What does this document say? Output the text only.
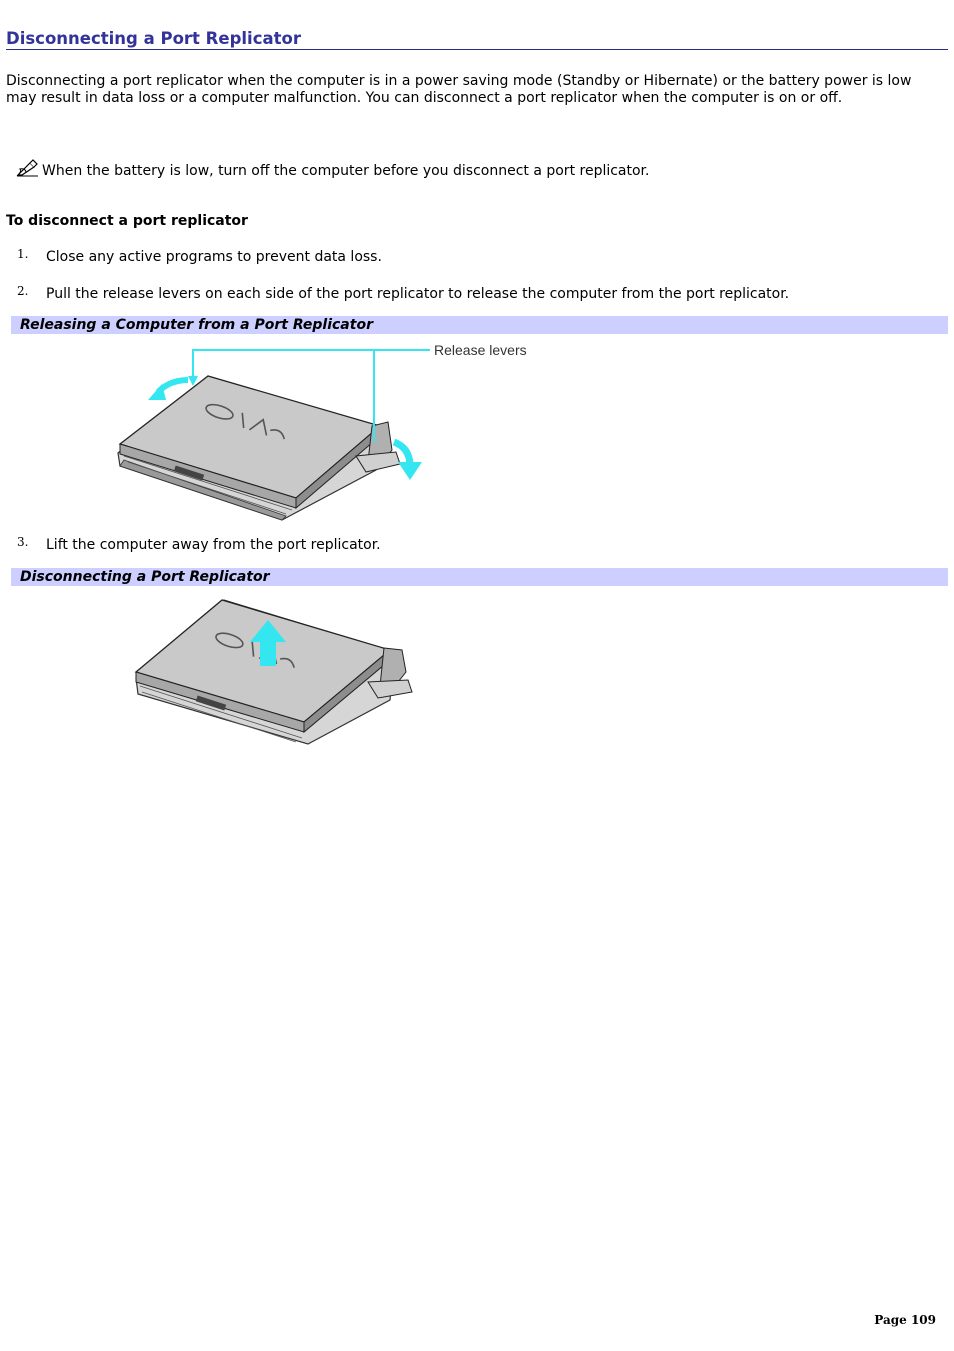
Disconnecting a Port Replicator

Disconnecting a port replicator when the computer is in a power saving mode (Standby or Hibernate) or the battery power is low may result in data loss or a computer malfunction. You can disconnect a port replicator when the computer is on or off.

When the battery is low, turn off the computer before you disconnect a port replicator.
To disconnect a port replicator
1. Close any active programs to prevent data loss.
2. Pull the release levers on each side of the port replicator to release the computer from the port replicator.
Releasing a Computer from a Port Replicator
Release levers
3. Lift the computer away from the port replicator.
Disconnecting a Port Replicator
Page 109
